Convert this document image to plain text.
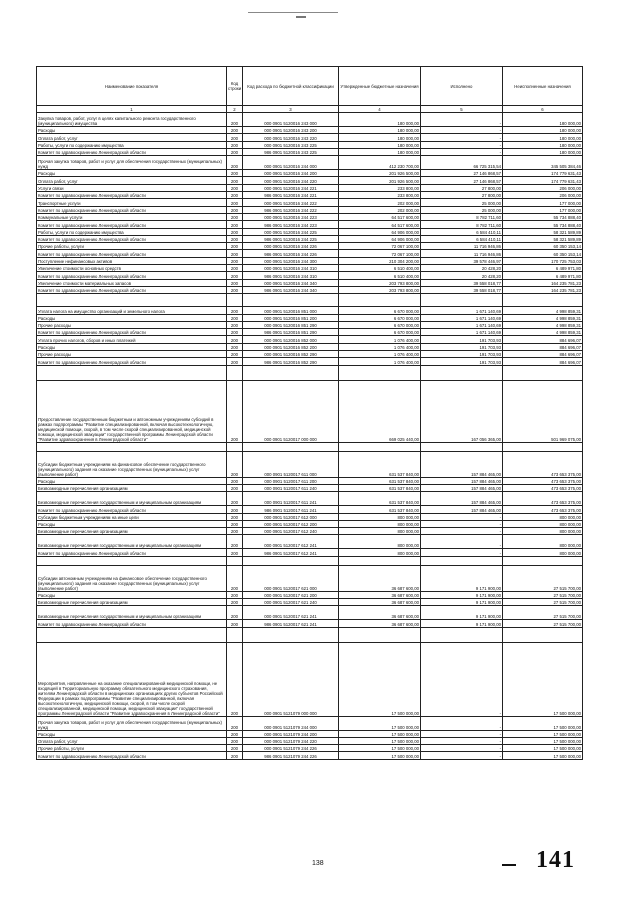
Наименование показателя	Код строки	Код расхода по бюджетной классификации	Утвержденные бюджетные назначения	Исполнено	Неисполненные назначения
1	2	3	4	5	6
Закупка товаров, работ, услуг в целях капитального ремонта государственного (муниципального) имущества	200	000 0901 5120016 243 000	180 000,00	-	180 000,00
Расходы	200	000 0901 5120016 243 200	180 000,00	-	180 000,00
Оплата работ, услуг	200	000 0901 5120016 243 220	180 000,00	-	180 000,00
Работы, услуги по содержанию имущества	200	000 0901 5120016 243 225	180 000,00	-	180 000,00
Комитет по здравоохранению Ленинградской области	200	986 0901 5120016 243 225	180 000,00	-	180 000,00
Прочая закупка товаров, работ и услуг для обеспечения государственных (муниципальных) нужд	200	000 0901 5120016 244 000	412 230 700,00	66 725 315,54	345 505 384,46
Расходы	200	000 0901 5120016 244 200	201 926 500,00	27 146 868,57	174 779 631,43
Оплата работ, услуг	200	000 0901 5120016 244 220	201 926 500,00	27 146 868,57	174 779 631,43
Услуги связи	200	000 0901 5120016 244 221	233 800,00	27 800,00	206 000,00
Комитет по здравоохранению Ленинградской области	200	986 0901 5120016 244 221	233 800,00	27 800,00	206 000,00
Транспортные услуги	200	000 0901 5120016 244 222	202 000,00	25 000,00	177 000,00
Комитет по здравоохранению Ленинградской области	200	986 0901 5120016 244 222	202 000,00	25 000,00	177 000,00
Коммунальные услуги	200	000 0901 5120016 244 223	64 517 600,00	8 782 711,60	55 734 888,40
Комитет по здравоохранению Ленинградской области	200	986 0901 5120016 244 223	64 517 600,00	8 782 711,60	55 734 888,40
Работы, услуги по содержанию имущества	200	000 0901 5120016 244 225	64 906 000,00	6 584 410,11	58 321 589,89
Комитет по здравоохранению Ленинградской области	200	986 0901 5120016 244 225	64 906 000,00	6 584 410,11	58 321 589,89
Прочие работы, услуги	200	000 0901 5120016 244 226	72 067 100,00	11 716 946,86	60 350 153,14
Комитет по здравоохранению Ленинградской области	200	986 0901 5120016 244 226	72 067 100,00	11 716 946,86	60 350 153,14
Поступление нефинансовых активов	200	000 0901 5120016 244 300	210 304 200,00	39 578 446,97	170 725 753,03
Увеличение стоимости основных средств	200	000 0901 5120016 244 310	6 510 400,00	20 428,20	6 489 971,80
Комитет по здравоохранению Ленинградской области	200	986 0901 5120016 244 310	6 510 400,00	20 428,20	6 489 971,80
Увеличение стоимости материальных запасов	200	000 0901 5120016 244 340	203 793 800,00	39 558 018,77	164 235 781,23
Комитет по здравоохранению Ленинградской области	200	986 0901 5120016 244 340	203 793 800,00	39 558 018,77	164 235 781,23

Уплата налога на имущество организаций и земельного налога	200	000 0901 5120016 851 000	6 670 000,00	1 671 140,69	4 998 859,31
Расходы	200	000 0901 5120016 851 200	6 670 000,00	1 671 140,69	4 998 859,31
Прочие расходы	200	000 0901 5120016 851 290	6 670 000,00	1 671 140,69	4 998 859,31
Комитет по здравоохранению Ленинградской области	200	986 0901 5120016 851 290	6 670 000,00	1 671 140,69	4 998 859,31
Уплата прочих налогов, сборов и иных платежей	200	000 0901 5120016 852 000	1 076 400,00	191 703,93	884 696,07
Расходы	200	000 0901 5120016 852 200	1 076 400,00	191 703,93	884 696,07
Прочие расходы	200	000 0901 5120016 852 290	1 076 400,00	191 703,93	884 696,07
Комитет по здравоохранению Ленинградской области	200	986 0901 5120016 852 290	1 076 400,00	191 703,93	884 696,07

Предоставление государственным бюджетным и автономным учреждениям субсидий в рамках подпрограммы "Развитие специализированной, включая высокотехнологичную, медицинской помощи, скорой, в том числе скорой специализированной, медицинской помощи, медицинской эвакуации" государственной программы Ленинградской области "Развитие здравоохранения в Ленинградской области"	200	000 0901 5120017 000 000	669 025 440,00	167 056 365,00	501 969 075,00

Субсидии бюджетным учреждениям на финансовое обеспечение государственного (муниципального) задания на оказание государственных (муниципальных) услуг (выполнение работ)	200	000 0901 5120017 611 000	631 537 840,00	157 884 465,00	473 653 375,00
Расходы	200	000 0901 5120017 611 200	631 537 840,00	157 884 465,00	473 653 375,00
Безвозмездные перечисления организациям	200	000 0901 5120017 611 240	631 537 840,00	157 884 465,00	473 653 375,00
Безвозмездные перечисления государственным и муниципальным организациям	200	000 0901 5120017 611 241	631 537 840,00	157 884 465,00	473 653 375,00
Комитет по здравоохранению Ленинградской области	200	986 0901 5120017 611 241	631 537 840,00	157 884 465,00	473 653 375,00
Субсидии бюджетным учреждениям на иные цели	200	000 0901 5120017 612 000	800 000,00	-	800 000,00
Расходы	200	000 0901 5120017 612 200	800 000,00	-	800 000,00
Безвозмездные перечисления организациям	200	000 0901 5120017 612 240	800 000,00	-	800 000,00
Безвозмездные перечисления государственным и муниципальным организациям	200	000 0901 5120017 612 241	800 000,00	-	800 000,00
Комитет по здравоохранению Ленинградской области	200	986 0901 5120017 612 241	800 000,00	-	800 000,00

Субсидии автономным учреждениям на финансовое обеспечение государственного (муниципального) задания на оказание государственных (муниципальных) услуг (выполнение работ)	200	000 0901 5120017 621 000	36 687 600,00	9 171 900,00	27 515 700,00
Расходы	200	000 0901 5120017 621 200	36 687 600,00	9 171 900,00	27 515 700,00
Безвозмездные перечисления организациям	200	000 0901 5120017 621 240	36 687 600,00	9 171 900,00	27 515 700,00
Безвозмездные перечисления государственным и муниципальным организациям	200	000 0901 5120017 621 241	36 687 600,00	9 171 900,00	27 515 700,00
Комитет по здравоохранению Ленинградской области	200	986 0901 5120017 621 241	36 687 600,00	9 171 900,00	27 515 700,00

Мероприятия, направленные на оказание специализированной медицинской помощи, не входящей в Территориальную программу обязательного медицинского страхования, жителям Ленинградской области в медицинских организациях других субъектов Российской Федерации в рамках подпрограммы "Развитие специализированной, включая высокотехнологичную, медицинской помощи, скорой, в том числе скорой специализированной, медицинской помощи, медицинской эвакуации" государственной программы Ленинградской области "Развитие здравоохранения в Ленинградской области"	200	000 0901 5121079 000 000	17 500 000,00	-	17 500 000,00
Прочая закупка товаров, работ и услуг для обеспечения государственных (муниципальных) нужд	200	000 0901 5121079 244 000	17 500 000,00	-	17 500 000,00
Расходы	200	000 0901 5121079 244 200	17 500 000,00	-	17 500 000,00
Оплата работ, услуг	200	000 0901 5121079 244 220	17 500 000,00	-	17 500 000,00
Прочие работы, услуги	200	000 0901 5121079 244 226	17 500 000,00	-	17 500 000,00
Комитет по здравоохранению Ленинградской области	200	986 0901 5121079 244 226	17 500 000,00	-	17 500 000,00
138	141
